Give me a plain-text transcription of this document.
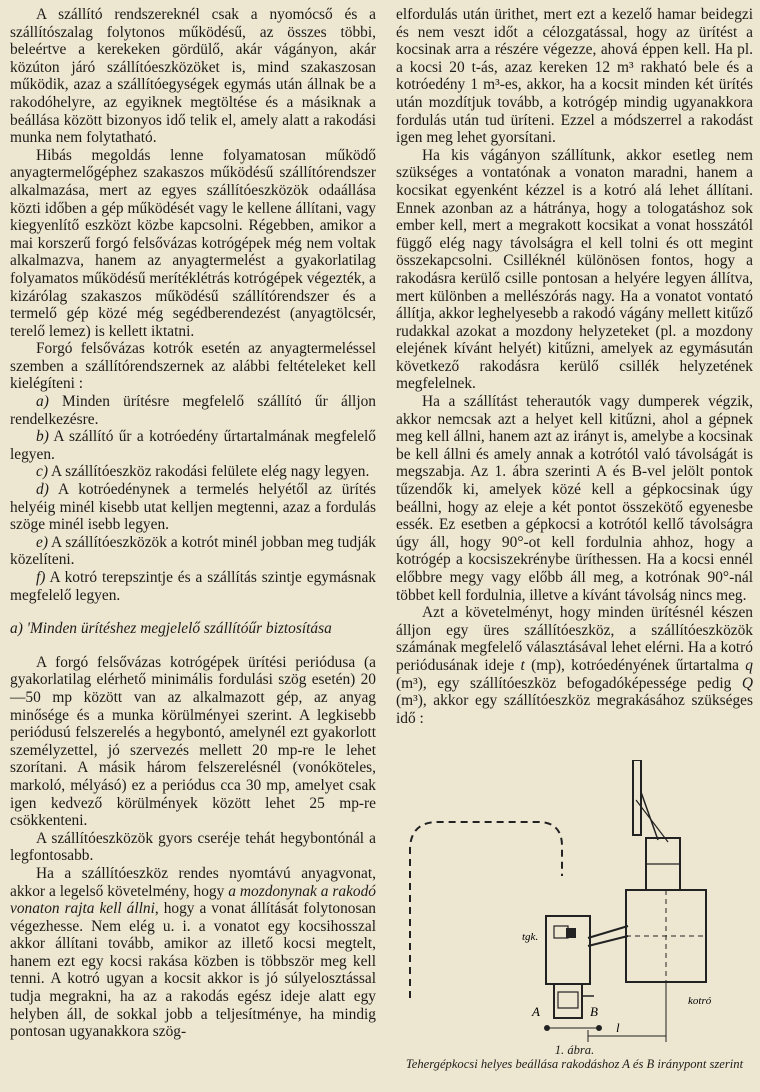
A szállító rendszereknél csak a nyomócső és a szállítószalag folytonos működésű, az összes többi, beleértve a kerekeken gördülő, akár vágányon, akár közúton járó szállítóeszközöket is, mind szakaszosan működik, azaz a szállítóegységek egymás után állnak be a rakodóhelyre, az egyiknek megtöltése és a másiknak a beállása között bizonyos idő telik el, amely alatt a rakodási munka nem folytatható.

Hibás megoldás lenne folyamatosan működő anyagtermelőgéphez szakaszos működésű szállítórendszer alkalmazása, mert az egyes szállítóeszközök odaállása közti időben a gép működését vagy le kellene állítani, vagy kiegyenlítő eszközt közbe kapcsolni. Régebben, amikor a mai korszerű forgó felsővázas kotrógépek még nem voltak alkalmazva, hanem az anyagtermelést a gyakorlatilag folyamatos működésű merítéklétrás kotrógépek végezték, a kizárólag szakaszos működésű szállítórendszer és a termelő gép közé még segédberendezést (anyagtölcsér, terelő lemez) is kellett iktatni.

Forgó felsővázas kotrók esetén az anyagtermeléssel szemben a szállítórendszernek az alábbi feltételeket kell kielégíteni :

a) Minden ürítésre megfelelő szállító űr álljon rendelkezésre.

b) A szállító űr a kotróedény űrtartalmának megfelelő legyen.

c) A szállítóeszköz rakodási felülete elég nagy legyen.

d) A kotróedénynek a termelés helyétől az ürítés helyéig minél kisebb utat kelljen megtenni, azaz a fordulás szöge minél isebb legyen.

e) A szállítóeszközök a kotrót minél jobban meg tudják közelíteni.

f) A kotró terepszintje és a szállítás szintje egymásnak megfelelő legyen.

a) 'Minden ürítéshez megjelelő szállítóűr biztosítása

A forgó felsővázas kotrógépek ürítési periódusa (a gyakorlatilag elérhető minimális fordulási szög esetén) 20—50 mp között van az alkalmazott gép, az anyag minősége és a munka körülményei szerint. A legkisebb periódusú felszerelés a hegybontó, amelynél ezt gyakorlott személyzettel, jó szervezés mellett 20 mp-re le lehet szorítani. A másik három felszerelésnél (vonóköteles, markoló, mélyásó) ez a periódus cca 30 mp, amelyet csak igen kedvező körülmények között lehet 25 mp-re csökkenteni.

A szállítóeszközök gyors cseréje tehát hegybontónál a legfontosabb.

Ha a szállítóeszköz rendes nyomtávú anyagvonat, akkor a legelső követelmény, hogy a mozdonynak a rakodó vonaton rajta kell állni, hogy a vonat állítását folytonosan végezhesse. Nem elég u. i. a vonatot egy kocsihosszal akkor állítani tovább, amikor az illető kocsi megtelt, hanem ezt egy kocsi rakása közben is többször meg kell tenni. A kotró ugyan a kocsit akkor is jó súlyelosztással tudja megrakni, ha az a rakodás egész ideje alatt egy helyben áll, de sokkal jobb a teljesítménye, ha mindig pontosan ugyanakkora szög-

elfordulás után ürithet, mert ezt a kezelő hamar beidegzi és nem veszt időt a célozgatással, hogy az ürítést a kocsinak arra a részére végezze, ahová éppen kell. Ha pl. a kocsi 20 t-ás, azaz kereken 12 m³ rakható bele és a kotróedény 1 m³-es, akkor, ha a kocsit minden két ürítés után mozdítjuk tovább, a kotrógép mindig ugyanakkora fordulás után tud üríteni. Ezzel a módszerrel a rakodást igen meg lehet gyorsítani.

Ha kis vágányon szállítunk, akkor esetleg nem szükséges a vontatónak a vonaton maradni, hanem a kocsikat egyenként kézzel is a kotró alá lehet állítani. Ennek azonban az a hátránya, hogy a tologatáshoz sok ember kell, mert a megrakott kocsikat a vonat hosszától függő elég nagy távolságra el kell tolni és ott megint összekapcsolni. Csilléknél különösen fontos, hogy a rakodásra kerülő csille pontosan a helyére legyen állítva, mert különben a mellészórás nagy. Ha a vonatot vontató állítja, akkor leghelyesebb a rakodó vágány mellett kitűző rudakkal azokat a mozdony helyzeteket (pl. a mozdony elejének kívánt helyét) kitűzni, amelyek az egymásután következő rakodásra kerülő csillék helyzetének megfelelnek.

Ha a szállítást teherautók vagy dumperek végzik, akkor nemcsak azt a helyet kell kitűzni, ahol a gépnek meg kell állni, hanem azt az irányt is, amelybe a kocsinak be kell állni és amely annak a kotrótól való távolságát is megszabja. Az 1. ábra szerinti A és B-vel jelölt pontok tűzendők ki, amelyek közé kell a gépkocsinak úgy beállni, hogy az eleje a két pontot összekötő egyenesbe essék. Ez esetben a gépkocsi a kotrótól kellő távolságra úgy áll, hogy 90°-ot kell fordulnia ahhoz, hogy a kotrógép a kocsiszekrénybe üríthessen. Ha a kocsi ennél előbbre megy vagy előbb áll meg, a kotrónak 90°-nál többet kell fordulnia, illetve a kívánt távolság nincs meg.

Azt a követelményt, hogy minden ürítésnél készen álljon egy üres szállítóeszköz, a szállítóeszközök számának megfelelő választásával lehet elérni. Ha a kotró periódusának ideje t (mp), kotróedényének űrtartalma q (m³), egy szállítóeszköz befogadóképessége pedig Q (m³), akkor egy szállítóeszköz megrakásához szükséges idő :

tgk.
kotró
A	B
l
1. ábra.
Tehergépkocsi helyes beállása rakodáshoz A és B iránypont szerint
